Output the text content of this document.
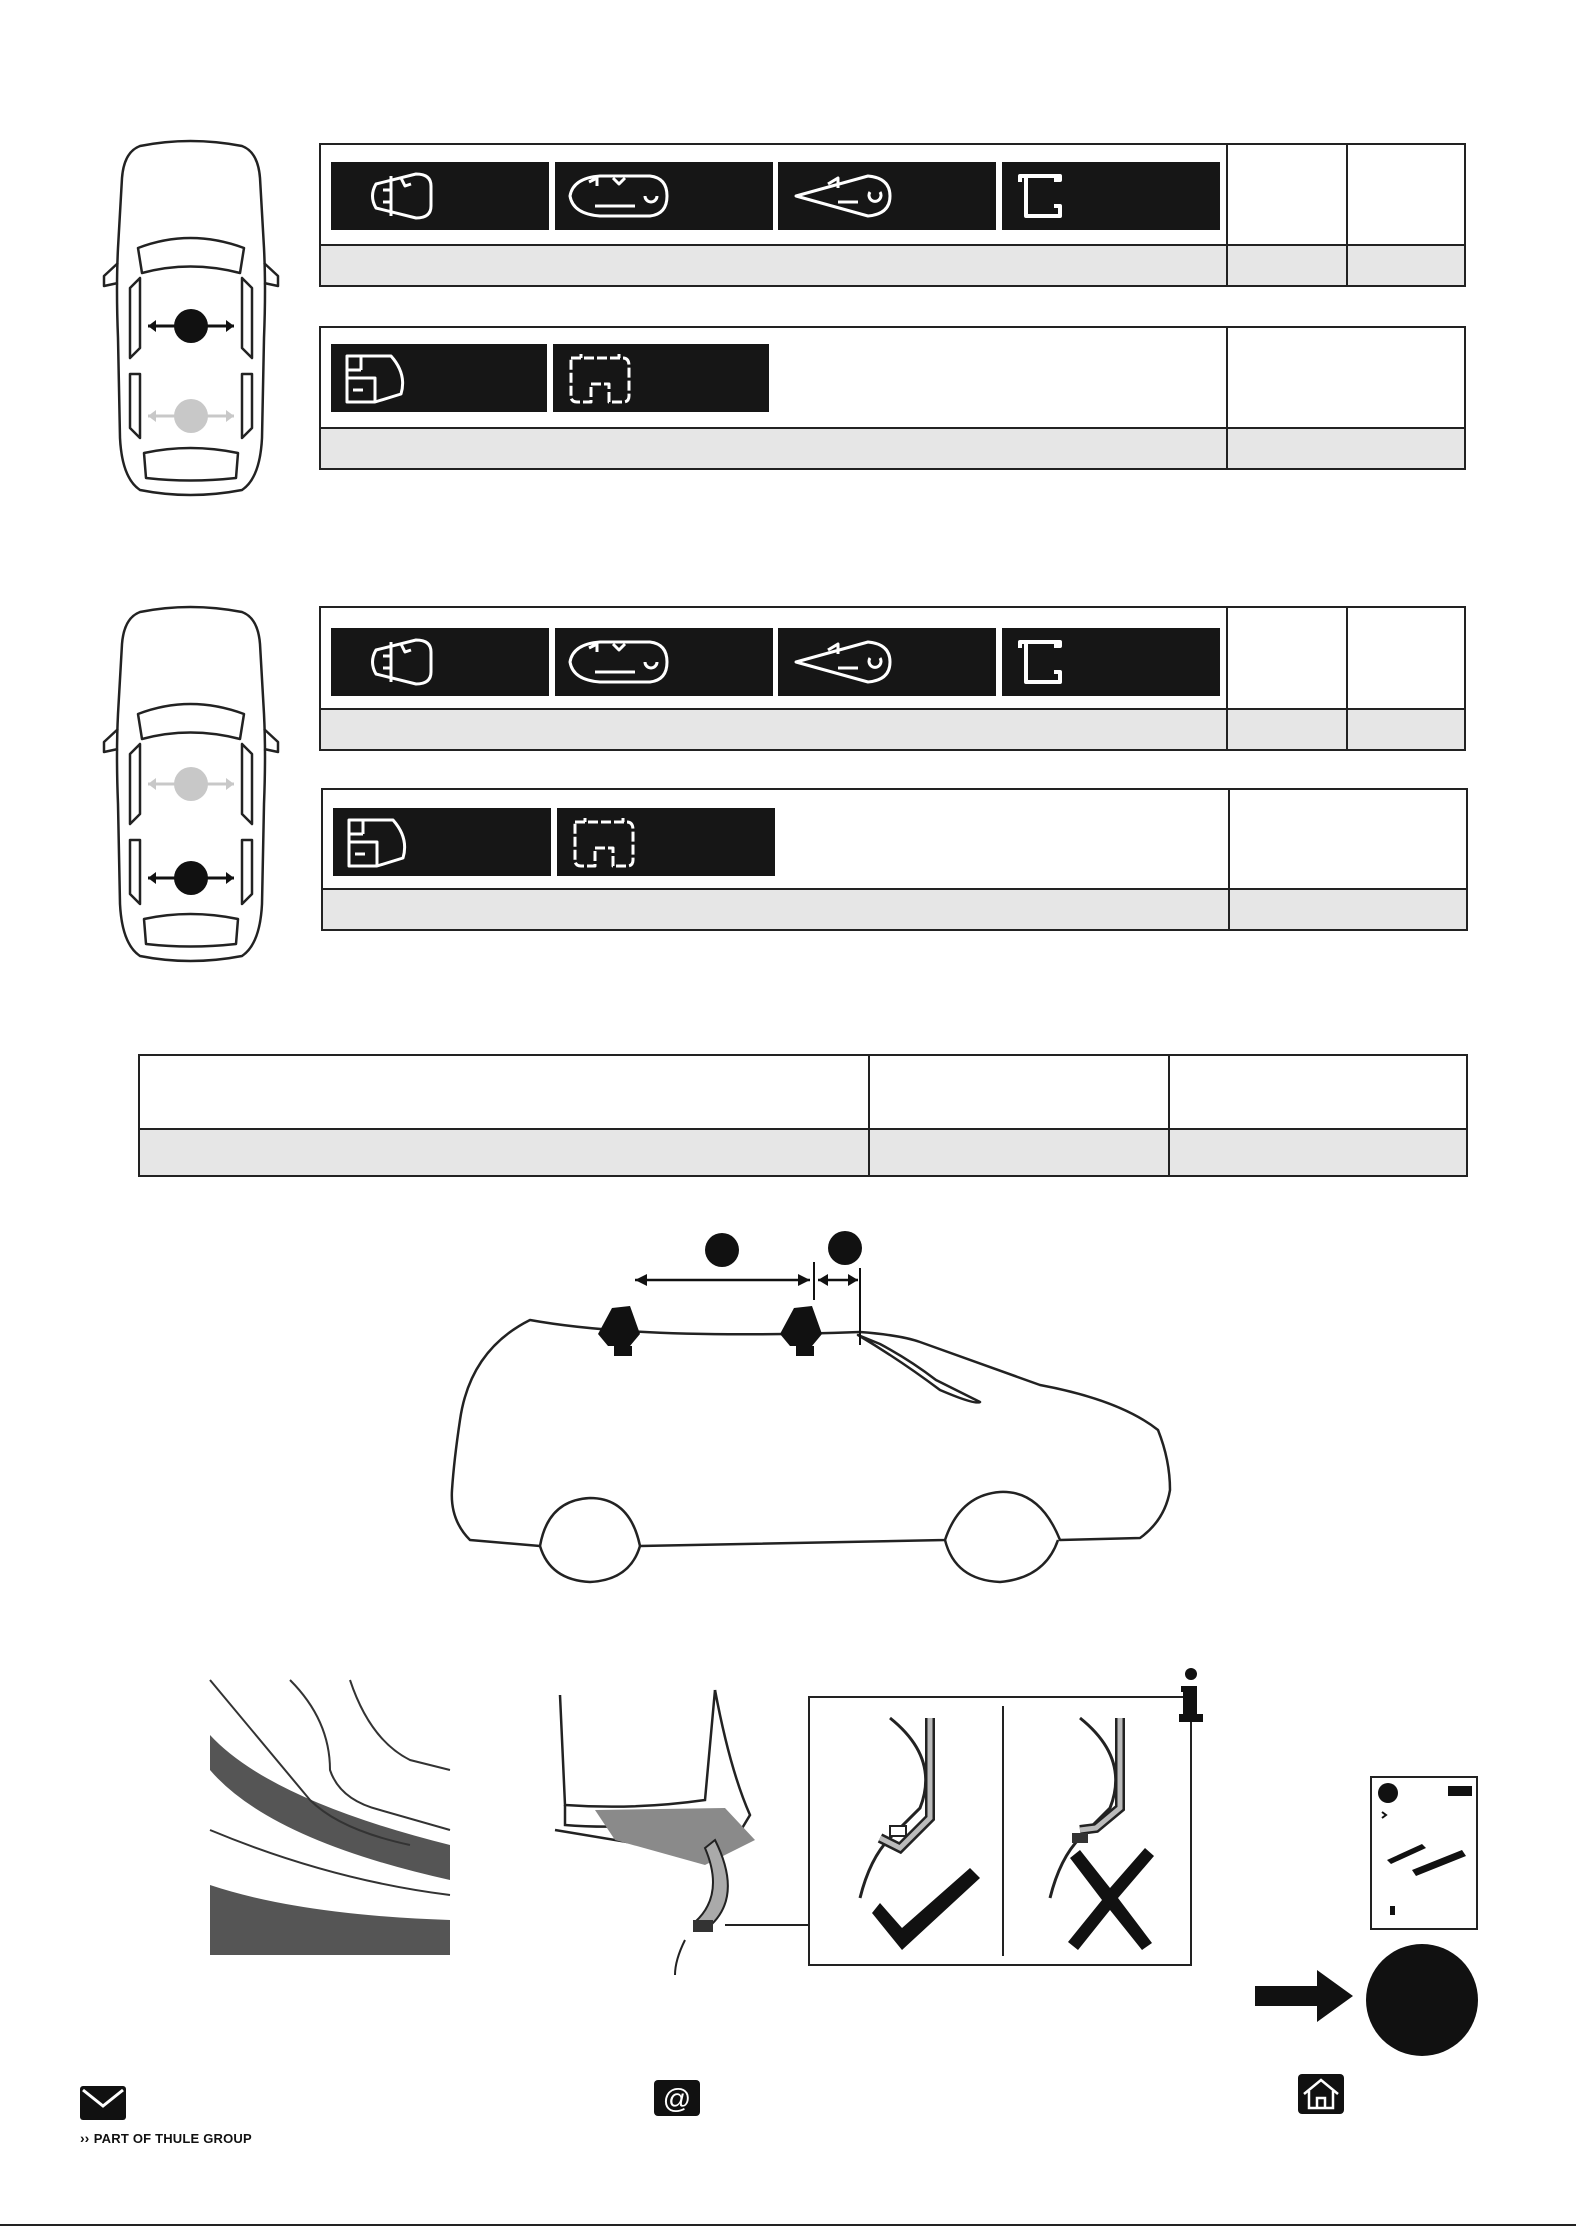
›› PART OF THULE GROUP
@
